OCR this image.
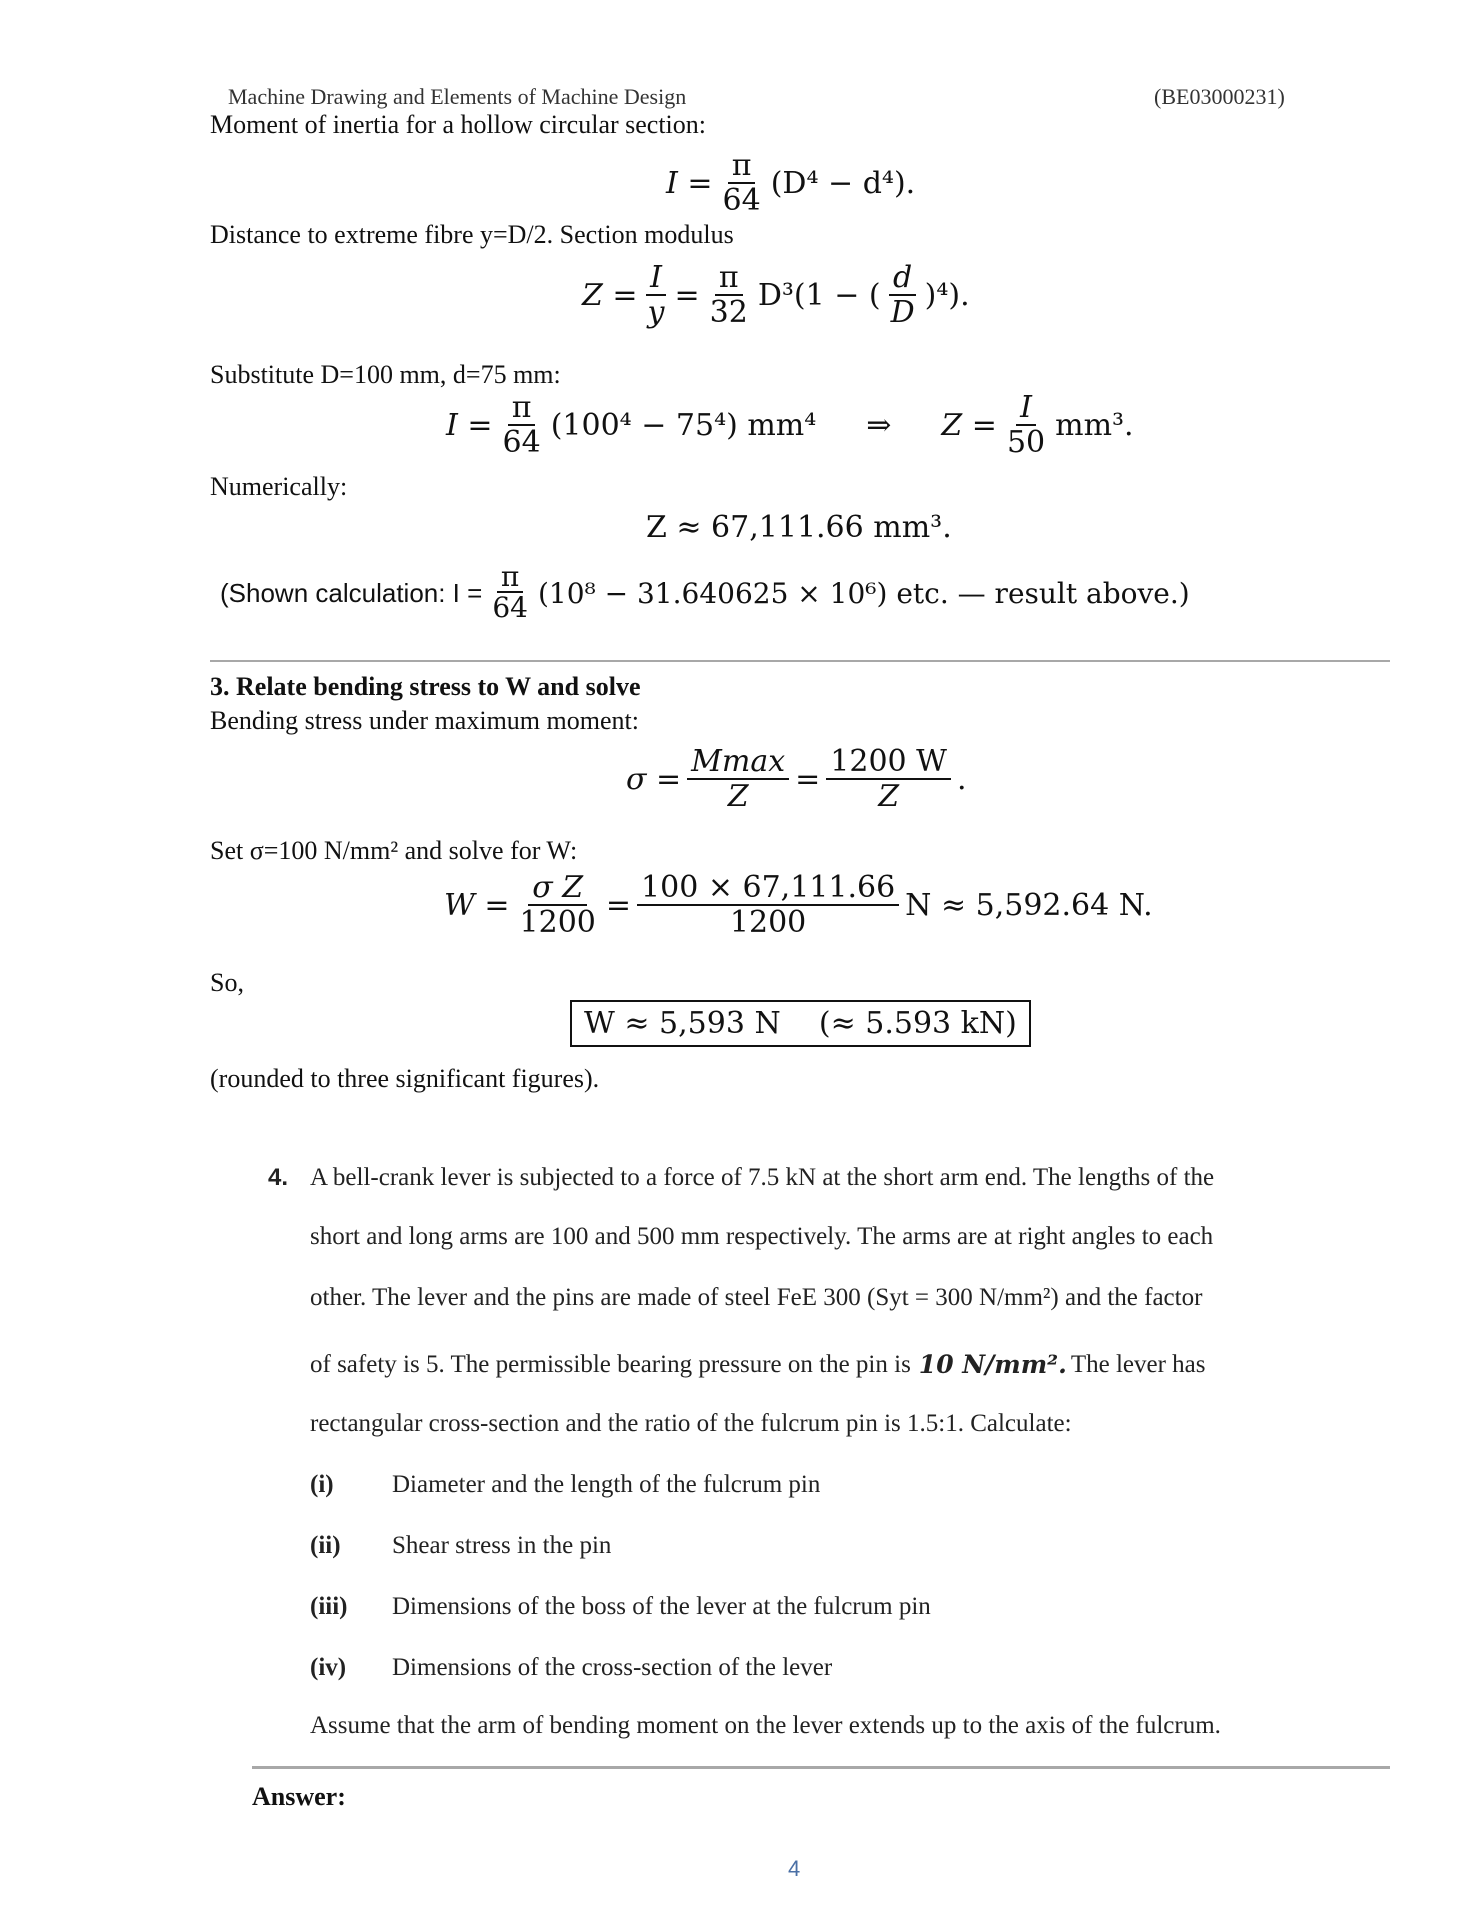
Machine Drawing and Elements of Machine Design	(BE03000231)
Moment of inertia for a hollow circular section:
$I = \frac{\pi}{64} (D^4 - d^4)$.
Distance to extreme fibre y=D/2. Section modulus
$Z = \frac{I}{y} = \frac{\pi}{32} D^3(1$ − ( $\frac{d}{D} )^4$).
Substitute D=100 mm, d=75 mm:
$I = \frac{\pi}{64} (100^4 - 75^4)$ mm⁴ ⇒ $Z = \frac{I}{50} mm^3$.
Numerically:
Z ≈ 67,111.66 mm³.
(Shown calculation: $I = \frac{\pi}{64} (10^8 - 31.640625 \times 10^6)$ etc. — result above.)
3. Relate bending stress to W and solve
Bending stress under maximum moment:
$\sigma = \frac{Mmax}{Z} = \frac{1200 W}{Z}$ .
Set σ=100 N/mm² and solve for W:
$W = \frac{\text{σ Z}}{1200} = \frac{100 \times 67,111.66}{1200}$ N ≈ 5,592.64 N.
So,
W ≈ 5,593 N    (≈ 5.593 kN)
(rounded to three significant figures).
4. A bell-crank lever is subjected to a force of 7.5 kN at the short arm end. The lengths of the
short and long arms are 100 and 500 mm respectively. The arms are at right angles to each
other. The lever and the pins are made of steel FeE 300 (Syt = 300 N/mm²) and the factor
of safety is 5. The permissible bearing pressure on the pin is 10 N/mm². The lever has
rectangular cross-section and the ratio of the fulcrum pin is 1.5:1. Calculate:
(i) Diameter and the length of the fulcrum pin
(ii) Shear stress in the pin
(iii) Dimensions of the boss of the lever at the fulcrum pin
(iv) Dimensions of the cross-section of the lever
Assume that the arm of bending moment on the lever extends up to the axis of the fulcrum.
Answer:
4
